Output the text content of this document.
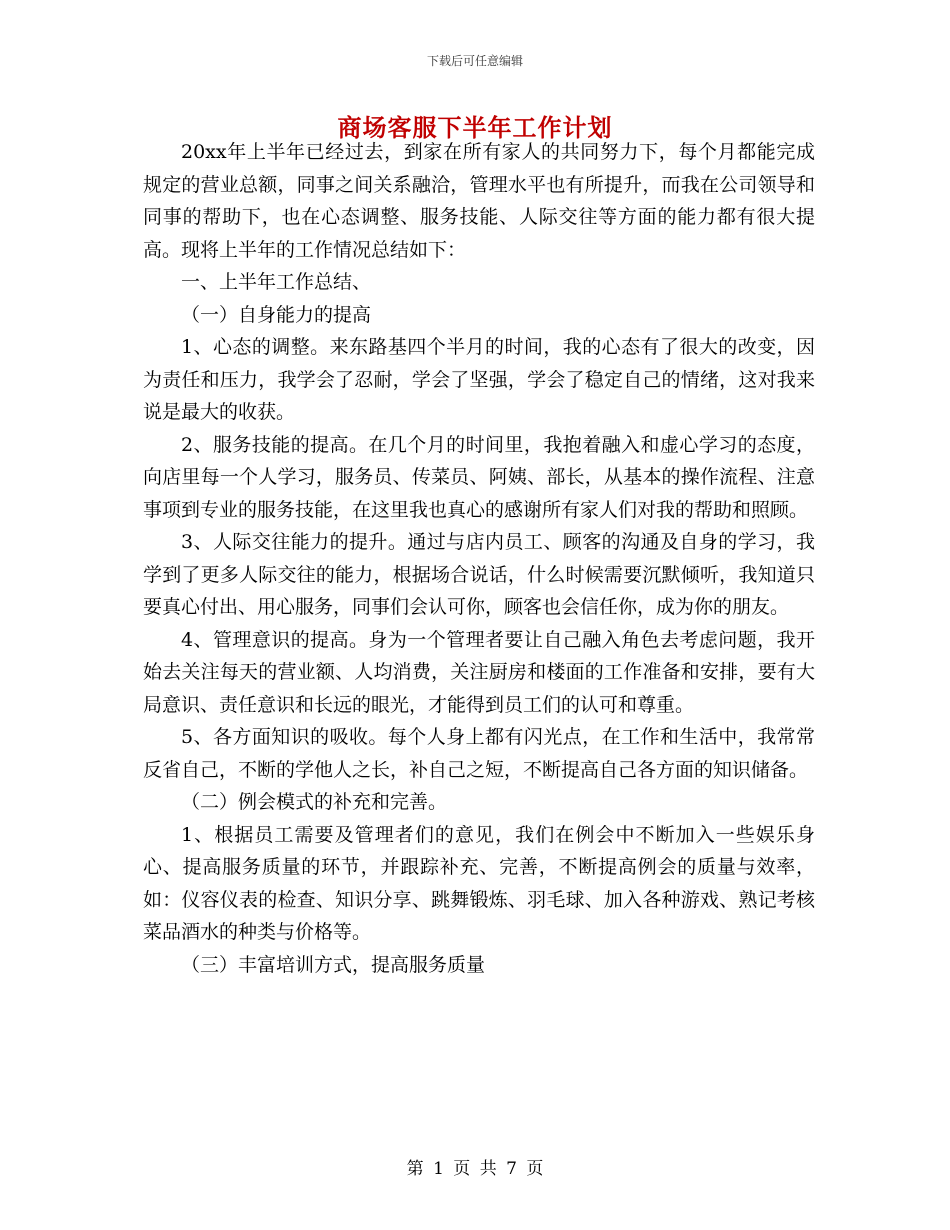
下载后可任意编辑
商场客服下半年工作计划

20xx年上半年已经过去，到家在所有家人的共同努力下，每个月都能完成规定的营业总额，同事之间关系融洽，管理水平也有所提升，而我在公司领导和同事的帮助下，也在心态调整、服务技能、人际交往等方面的能力都有很大提高。现将上半年的工作情况总结如下：

一、上半年工作总结、

（一）自身能力的提高

1、心态的调整。来东路基四个半月的时间，我的心态有了很大的改变，因为责任和压力，我学会了忍耐，学会了坚强，学会了稳定自己的情绪，这对我来说是最大的收获。

2、服务技能的提高。在几个月的时间里，我抱着融入和虚心学习的态度，向店里每一个人学习，服务员、传菜员、阿姨、部长，从基本的操作流程、注意事项到专业的服务技能，在这里我也真心的感谢所有家人们对我的帮助和照顾。

3、人际交往能力的提升。通过与店内员工、顾客的沟通及自身的学习，我学到了更多人际交往的能力，根据场合说话，什么时候需要沉默倾听，我知道只要真心付出、用心服务，同事们会认可你，顾客也会信任你，成为你的朋友。

4、管理意识的提高。身为一个管理者要让自己融入角色去考虑问题，我开始去关注每天的营业额、人均消费，关注厨房和楼面的工作准备和安排，要有大局意识、责任意识和长远的眼光，才能得到员工们的认可和尊重。

5、各方面知识的吸收。每个人身上都有闪光点，在工作和生活中，我常常反省自己，不断的学他人之长，补自己之短，不断提高自己各方面的知识储备。

（二）例会模式的补充和完善。

1、根据员工需要及管理者们的意见，我们在例会中不断加入一些娱乐身心、提高服务质量的环节，并跟踪补充、完善，不断提高例会的质量与效率，如：仪容仪表的检查、知识分享、跳舞锻炼、羽毛球、加入各种游戏、熟记考核菜品酒水的种类与价格等。

（三）丰富培训方式，提高服务质量

第 1 页 共 7 页
